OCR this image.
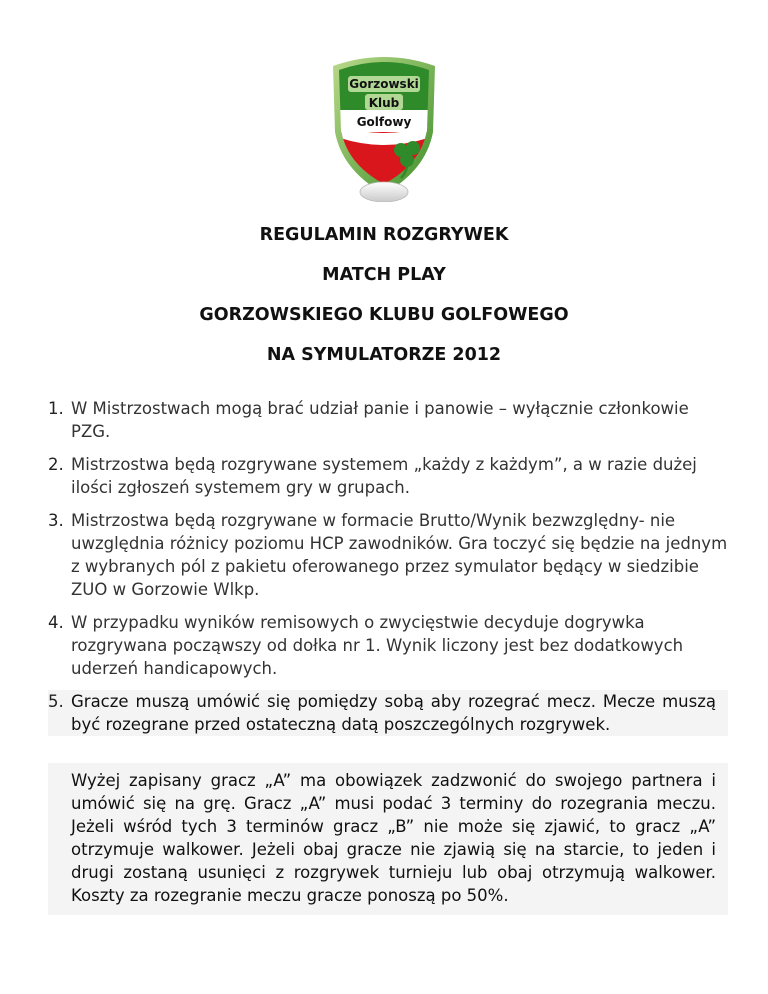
Gorzowski
Klub
Golfowy

REGULAMIN ROZGRYWEK

MATCH PLAY

GORZOWSKIEGO KLUBU GOLFOWEGO

NA SYMULATORZE 2012

1. W Mistrzostwach mogą brać udział panie i panowie – wyłącznie członkowie PZG.
2. Mistrzostwa będą rozgrywane systemem „każdy z każdym”, a w razie dużej ilości zgłoszeń systemem gry w grupach.
3. Mistrzostwa będą rozgrywane w formacie Brutto/Wynik bezwzględny- nie uwzględnia różnicy poziomu HCP zawodników. Gra toczyć się będzie na jednym z wybranych pól z pakietu oferowanego przez symulator będący w siedzibie ZUO w Gorzowie Wlkp.
4. W przypadku wyników remisowych o zwycięstwie decyduje dogrywka rozgrywana począwszy od dołka nr 1. Wynik liczony jest bez dodatkowych uderzeń handicapowych.
5. Gracze muszą umówić się pomiędzy sobą aby rozegrać mecz. Mecze muszą być rozegrane przed ostateczną datą poszczególnych rozgrywek.
Wyżej zapisany gracz „A” ma obowiązek zadzwonić do swojego partnera i umówić się na grę. Gracz „A” musi podać 3 terminy do rozegrania meczu. Jeżeli wśród tych 3 terminów gracz „B” nie może się zjawić, to gracz „A” otrzymuje walkower. Jeżeli obaj gracze nie zjawią się na starcie, to jeden i drugi zostaną usunięci z rozgrywek turnieju lub obaj otrzymują walkower. Koszty za rozegranie meczu gracze ponoszą po 50%.
